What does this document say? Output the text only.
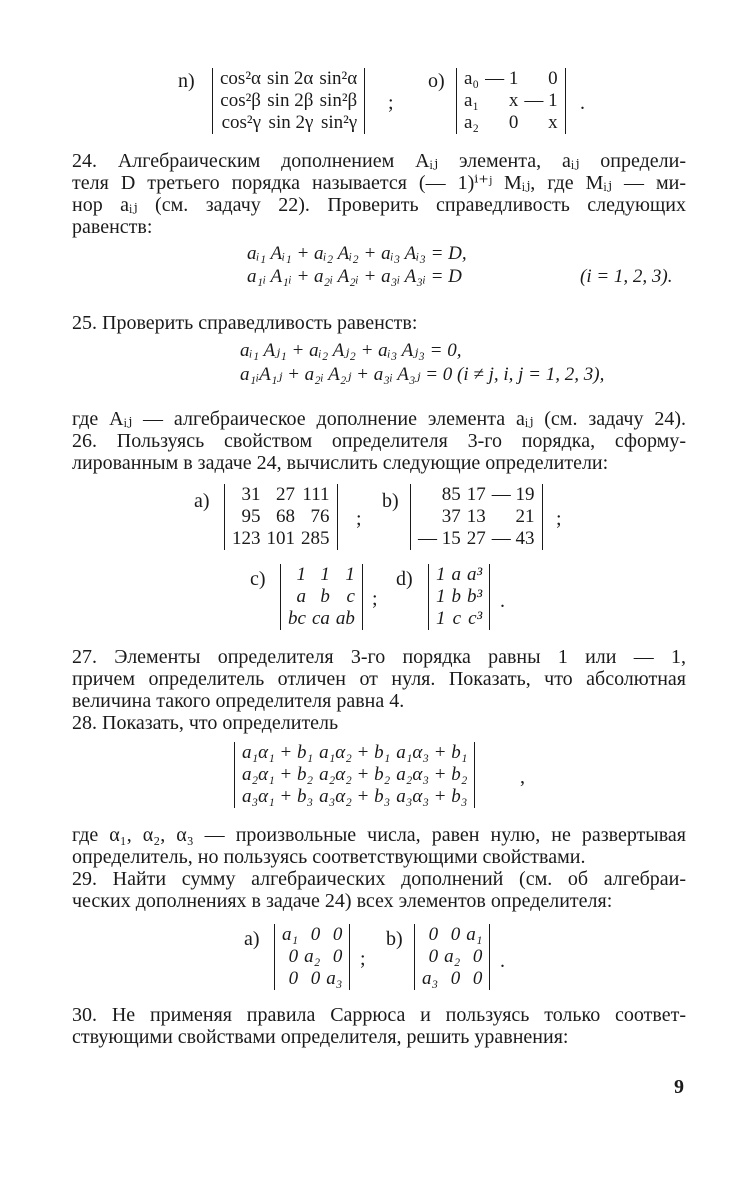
n) cos²α	sin 2α	sin²α
cos²β	sin 2β	sin²β
cos²γ	sin 2γ	sin²γ
;
o) a₀	— 1	0
a₁	x	— 1
a₂	0	x
.
24. Алгебраическим дополнением Aᵢⱼ элемента, aᵢⱼ определи-
теля D третьего порядка называется (— 1)ⁱ⁺ʲ Mᵢⱼ, где Mᵢⱼ — ми-
нор aᵢⱼ (см. задачу 22). Проверить справедливость следующих
равенств:
aᵢ₁ Aᵢ₁ + aᵢ₂ Aᵢ₂ + aᵢ₃ Aᵢ₃ = D,
a₁ᵢ A₁ᵢ + a₂ᵢ A₂ᵢ + a₃ᵢ A₃ᵢ = D	(i = 1, 2, 3).
25. Проверить справедливость равенств:
aᵢ₁ Aⱼ₁ + aᵢ₂ Aⱼ₂ + aᵢ₃ Aⱼ₃ = 0,
a₁ᵢA₁ⱼ + a₂ᵢ A₂ⱼ + a₃ᵢ A₃ⱼ = 0 (i ≠ j, i, j = 1, 2, 3),
где Aᵢⱼ — алгебраическое дополнение элемента aᵢⱼ (см. задачу 24).
26. Пользуясь свойством определителя 3-го порядка, сформу-
лированным в задаче 24, вычислить следующие определители:
a) 31	27	111
95	68	76
123	101	285
;
b) 85	17	— 19
37	13	21
— 15	27	— 43
;
c) 1	1	1
a	b	c
bc	ca	ab
;
d) 1	a	a³
1	b	b³
1	c	c³
.
27. Элементы определителя 3-го порядка равны 1 или — 1,
причем определитель отличен от нуля. Показать, что абсолютная
величина такого определителя равна 4.
28. Показать, что определитель
a₁α₁ + b₁	a₁α₂ + b₁	a₁α₃ + b₁
a₂α₁ + b₂	a₂α₂ + b₂	a₂α₃ + b₂
a₃α₁ + b₃	a₃α₂ + b₃	a₃α₃ + b₃
,
где α₁, α₂, α₃ — произвольные числа, равен нулю, не развертывая
определитель, но пользуясь соответствующими свойствами.
29. Найти сумму алгебраических дополнений (см. об алгебраи-
ческих дополнениях в задаче 24) всех элементов определителя:
a) a₁	0	0
0	a₂	0
0	0	a₃
;
b) 0	0	a₁
0	a₂	0
a₃	0	0
.
30. Не применяя правила Саррюса и пользуясь только соответ-
ствующими свойствами определителя, решить уравнения:
9
